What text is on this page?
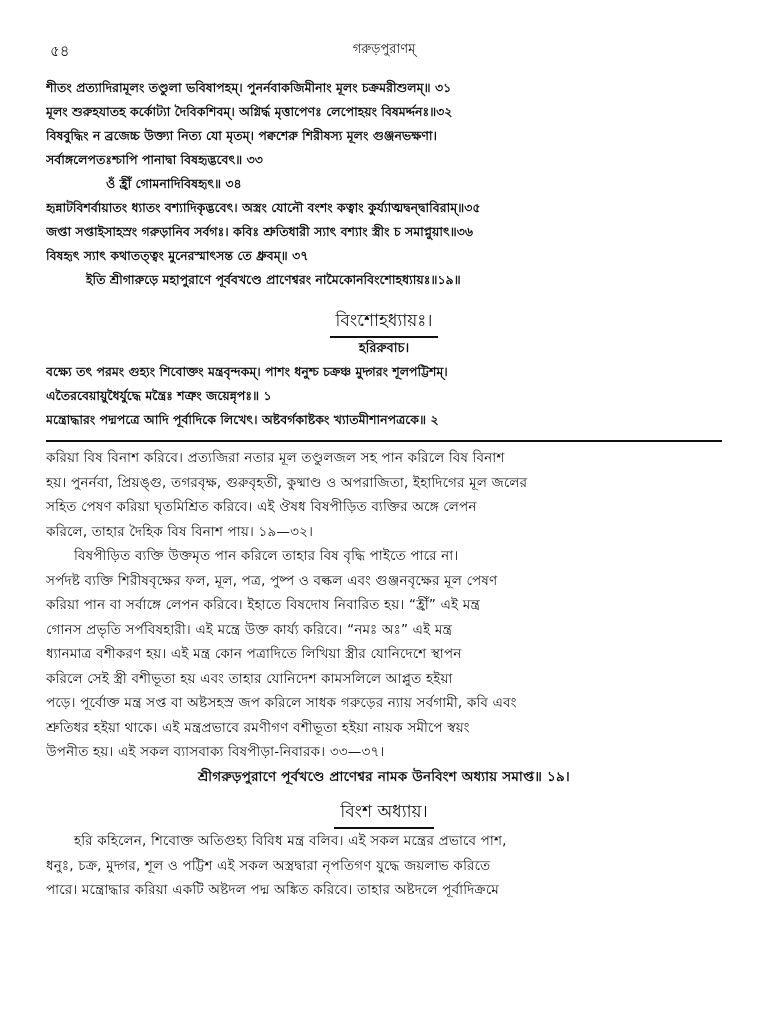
৫৪	গরুড়পুরাণম্
শীতং প্রত্যাদিরামূলং তণ্ডুলা ভবিষাপহম্। পুনর্নবাকজিমীনাং মূলং চক্রমরীশুলম্॥ ৩১
মূলং শুরুহযাতহ কর্কোট্যা দৈবিকশিবম্। অগ্নির্দ্ধ মৃত্তাপেণঃ লেপোহয়ং বিষমর্দ্দনঃ॥৩২
বিষবুদ্ধিং ন ব্রজেচ্চ উক্ত্যা নিত্য যো মৃতম্। পক্বশেরু শিরীষস্য মূলং গুঞ্জনভক্ষণা।
সর্বাঙ্গলেপতঃশ্চাপি পানাদ্বা বিষহৃদ্ভবেৎ॥ ৩৩
ওঁ হ্রীঁ গোমনাদিবিষহৃৎ॥ ৩৪
হৃন্নাটবিশর্বায়াতং ধ্যাতং বশ্যাদিকৃদ্ভবেৎ। অস্ত্রং যোনৌ বংশং কত্বাং কুর্য্যাত্মদ্বন্দ্বাবিরাম্॥৩৫
জপ্তা সপ্তাইসাহস্রং গরুড়ানিব সর্বগঃ। কবিঃ শ্রুতিধারী স্যাৎ বশ্যাং স্ত্রীং চ সমাপ্নুয়াৎ॥৩৬
বিষহৃৎ স্যাৎ কথাতত্ত্বং মুনেরস্মাৎসন্ত তে ধ্রুবম্॥ ৩৭
ইতি শ্রীগারুড়ে মহাপুরাণে পূর্ববখণ্ডে প্রাণেশ্বরং নামৈকোনবিংশোহধ্যায়ঃ॥১৯॥
বিংশোহধ্যায়ঃ।
হরিরুবাচ।
বক্ষ্যে তৎ পরমং গুহ্যং শিবোক্তং মন্ত্রবৃন্দকম্। পাশং ধনুশ্চ চক্রঞ্চ মুদ্গরং শূলপট্টিশম্।
এতৈরবেয়ায়ুধৈর্যুদ্ধে মন্ত্রৈঃ শত্রুং জয়েন্নৃপঃ॥ ১
মন্ত্রোদ্ধারং পদ্মপত্রে আদি পূর্বাদিকে লিখেৎ। অষ্টবর্গকাষ্টকং খ্যাতমীশানপত্রকে॥ ২
করিয়া বিষ বিনাশ করিবে। প্রত্যজিরা নতার মূল তণ্ডুলজল সহ পান করিলে বিষ বিনাশ
হয়। পুনর্নবা, প্রিয়ঙ্গু, তগরবৃক্ষ, গুরুবৃহতী, কুষ্মাণ্ড ও অপরাজিতা, ইহাদিগের মূল জলের
সহিত পেষণ করিয়া ঘৃতমিশ্রিত করিবে। এই ঔষধ বিষপীড়িত ব্যক্তির অঙ্গে লেপন
করিলে, তাহার দৈহিক বিষ বিনাশ পায়। ১৯—৩২।
বিষপীড়িত ব্যক্তি উক্তমৃত পান করিলে তাহার বিষ বৃদ্ধি পাইতে পারে না।
সর্পদষ্ট ব্যক্তি শিরীষবৃক্ষের ফল, মূল, পত্র, পুষ্প ও বল্কল এবং গুঞ্জনবৃক্ষের মূল পেষণ
করিয়া পান বা সর্বাঙ্গে লেপন করিবে। ইহাতে বিষদোষ নিবারিত হয়। “হ্রীঁ” এই মন্ত্র
গোনস প্রভৃতি সর্পবিষহারী। এই মন্ত্রে উক্ত কার্য্য করিবে। “নমঃ অঃ” এই মন্ত্র
ধ্যানমাত্র বশীকরণ হয়। এই মন্ত্র কোন পত্রাদিতে লিখিয়া স্ত্রীর যোনিদেশে স্থাপন
করিলে সেই স্ত্রী বশীভূতা হয় এবং তাহার যোনিদেশ কামসলিলে আপ্লুত হইয়া
পড়ে। পূর্বোক্ত মন্ত্র সপ্ত বা অষ্টসহস্র জপ করিলে সাধক গরুড়ের ন্যায় সর্বগামী, কবি এবং
শ্রুতিধর হইয়া থাকে। এই মন্ত্রপ্রভাবে রমণীগণ বশীভূতা হইয়া নায়ক সমীপে স্বয়ং
উপনীত হয়। এই সকল ব্যাসবাক্য বিষপীড়া-নিবারক। ৩৩—৩৭।
শ্রীগরুড়পুরাণে পূর্বখণ্ডে প্রাণেশ্বর নামক উনবিংশ অধ্যায় সমাপ্ত॥ ১৯।
বিংশ অধ্যায়।
হরি কহিলেন, শিবোক্ত অতিগুহ্য বিবিধ মন্ত্র বলিব। এই সকল মন্ত্রের প্রভাবে পাশ,
ধনুঃ, চক্র, মুদ্গর, শূল ও পট্টিশ এই সকল অস্ত্রদ্বারা নৃপতিগণ যুদ্ধে জয়লাভ করিতে
পারে। মন্ত্রোদ্ধার করিয়া একটি অষ্টদল পদ্ম অঙ্কিত করিবে। তাহার অষ্টদলে পূর্বাদিক্রমে
